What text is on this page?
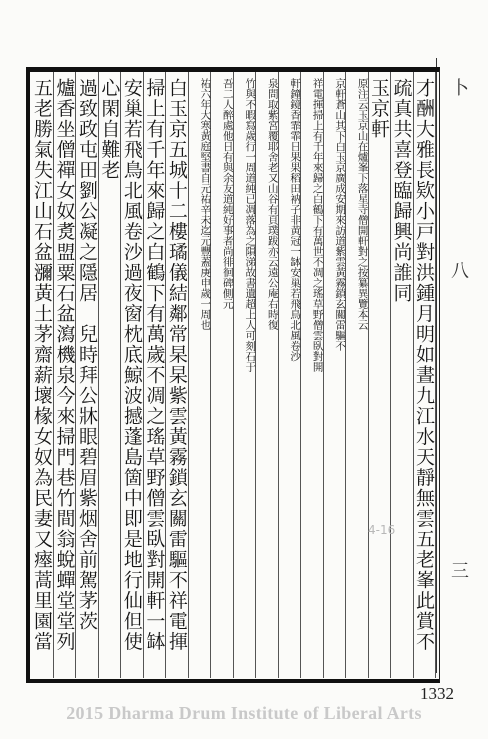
卜
八
三
才酬大雅長欵小戸對洪鍾月明如晝九江水天靜無雲五老峯此賞不
疏真共喜登臨歸興尚誰同
玉京軒
原注云玉京山在爐峯下落星寺僧開軒對之按纂異覽本云
京軒蒼山其下白玉京廣成安期來訪道紫雲黃霧鎖玄關雷驅不
祥電揮掃上有千年來歸之白鶴下有萬世不凋之瑤草野僧雲臥對開
軒鐘鏡香霏霏日果果稻田衲子非黄冠一缽安巢若飛鳥北風卷沙
泉問取紫宮覆耶舍老又山谷有頁璞跋亦云遠公庵右時復
竹與不暇寫歲行一周道純已凋落為之隕涕故書遺超上人可刻石于
吾二人醉處他日有與余友道純好事者尚徘徊碑側元
祐六年大寒黃庭堅書自元祐辛未迄元豐蓋庚申歲一周也
白玉京五城十二樓璚儀結鄰常杲杲紫雲黃霧鎖玄關雷驅不祥電揮
掃上有千年來歸之白鶴下有萬歲不凋之瑤草野僧雲臥對開軒一缽
安巢若飛鳥北風卷沙過夜窗枕底鯨波撼蓬島箇中即是地行仙但使
心閑自難老
過致政屯田劉公凝之隱居　兒時拜公牀眼碧眉紫烟舍前駕茅茨
爐香坐僧禪女奴煑盟粟石盆瀉機泉今來掃門巷竹間翁蛻蟬堂堂列
五老勝氣失江山石盆瀰黃土茅齋薪壞椽女奴為民妻又瘞蒿里園當	4-16
1332
2015 Dharma Drum Institute of Liberal Arts
